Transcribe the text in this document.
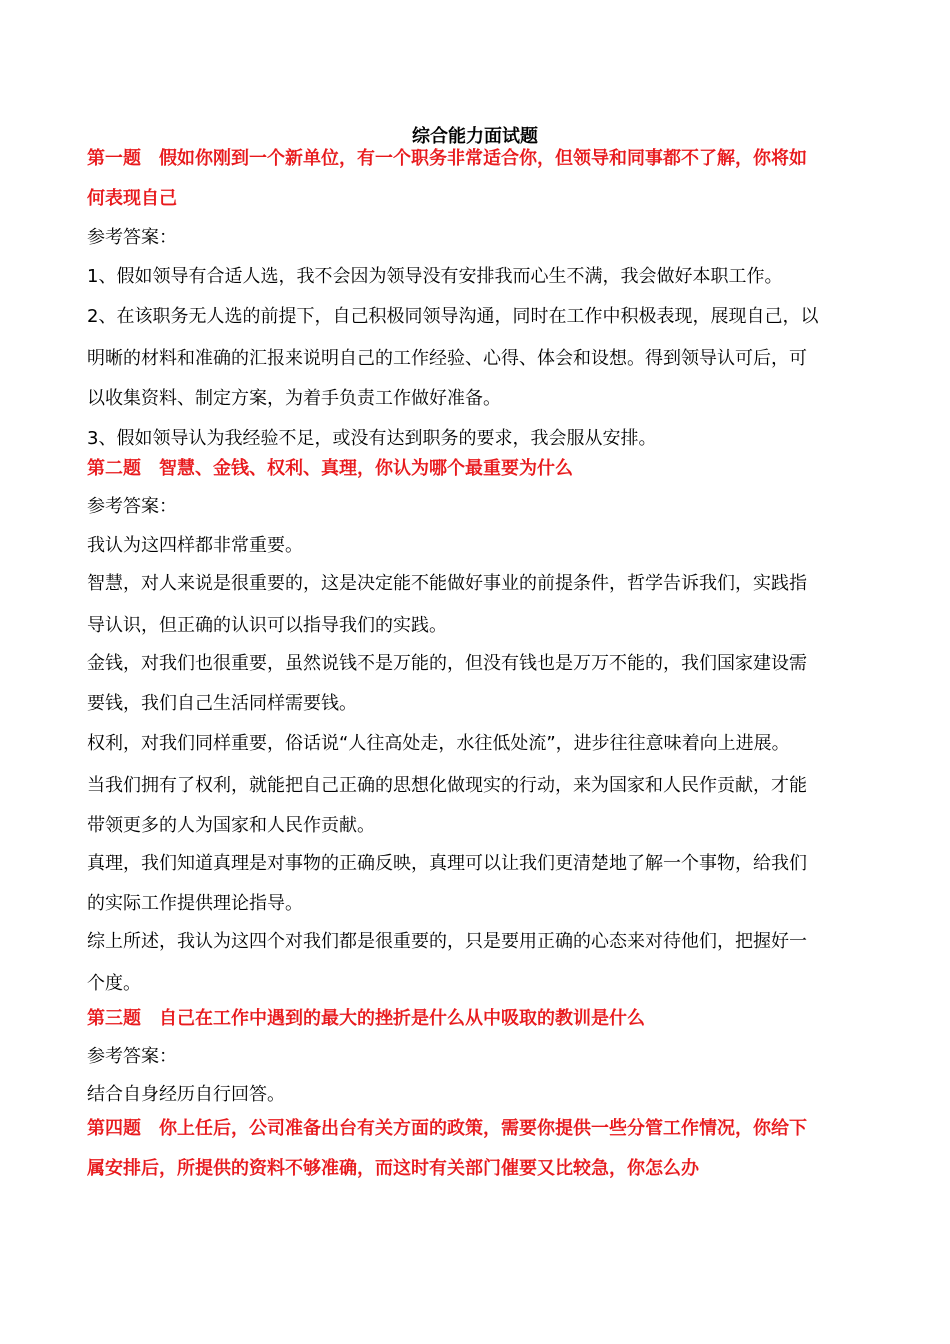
综合能力面试题
第一题　假如你刚到一个新单位，有一个职务非常适合你，但领导和同事都不了解，你将如
何表现自己
参考答案：
1、假如领导有合适人选，我不会因为领导没有安排我而心生不满，我会做好本职工作。
2、在该职务无人选的前提下，自己积极同领导沟通，同时在工作中积极表现，展现自己，以
明晰的材料和准确的汇报来说明自己的工作经验、心得、体会和设想。得到领导认可后，可
以收集资料、制定方案，为着手负责工作做好准备。
3、假如领导认为我经验不足，或没有达到职务的要求，我会服从安排。
第二题　智慧、金钱、权利、真理，你认为哪个最重要为什么
参考答案：
我认为这四样都非常重要。
智慧，对人来说是很重要的，这是决定能不能做好事业的前提条件，哲学告诉我们，实践指
导认识，但正确的认识可以指导我们的实践。
金钱，对我们也很重要，虽然说钱不是万能的，但没有钱也是万万不能的，我们国家建设需
要钱，我们自己生活同样需要钱。
权利，对我们同样重要，俗话说“人往高处走，水往低处流”，进步往往意味着向上进展。
当我们拥有了权利，就能把自己正确的思想化做现实的行动，来为国家和人民作贡献，才能
带领更多的人为国家和人民作贡献。
真理，我们知道真理是对事物的正确反映，真理可以让我们更清楚地了解一个事物，给我们
的实际工作提供理论指导。
综上所述，我认为这四个对我们都是很重要的，只是要用正确的心态来对待他们，把握好一
个度。
第三题　自己在工作中遇到的最大的挫折是什么从中吸取的教训是什么
参考答案：
结合自身经历自行回答。
第四题　你上任后，公司准备出台有关方面的政策，需要你提供一些分管工作情况，你给下
属安排后，所提供的资料不够准确，而这时有关部门催要又比较急，你怎么办
